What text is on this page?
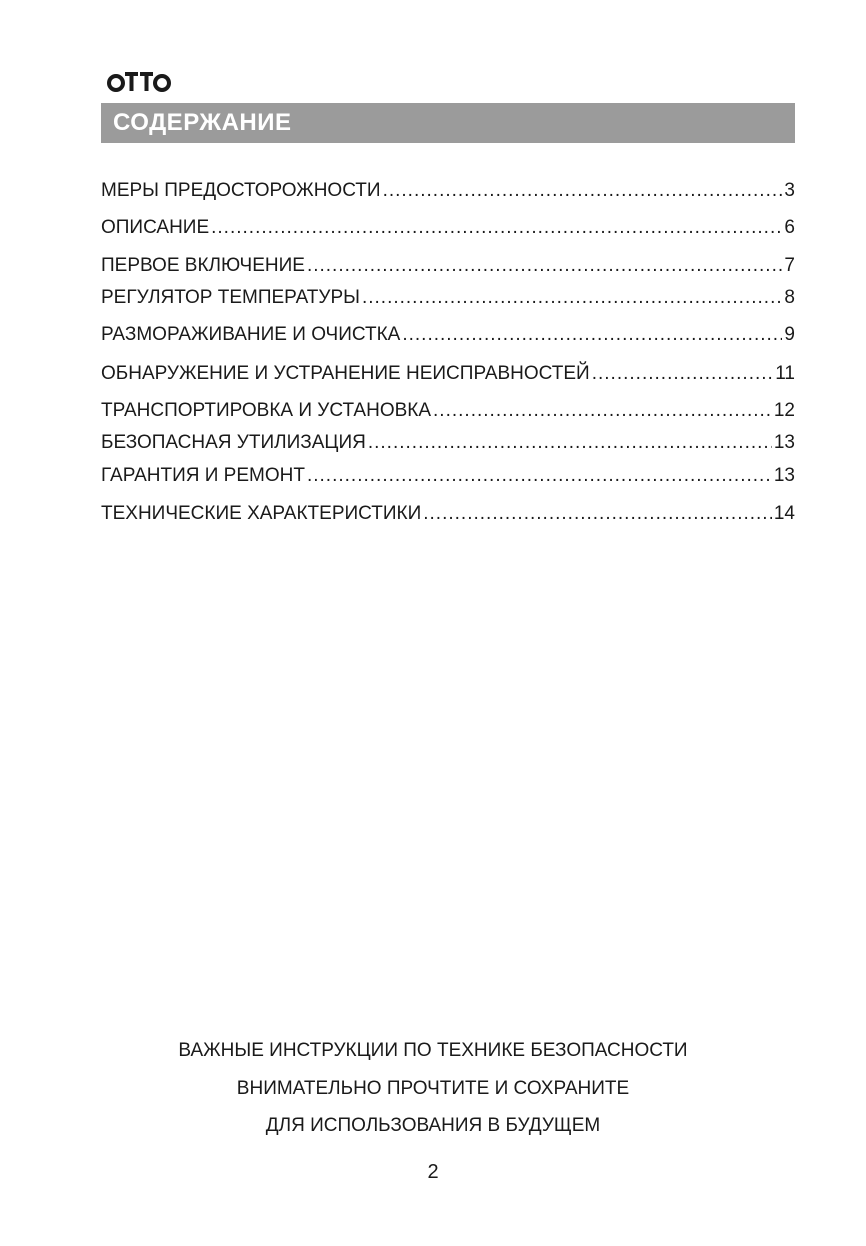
СОДЕРЖАНИЕ
МЕРЫ ПРЕДОСТОРОЖНОСТИ .....	3
ОПИСАНИЕ .....	6
ПЕРВОЕ ВКЛЮЧЕНИЕ .....	7
РЕГУЛЯТОР ТЕМПЕРАТУРЫ .....	8
РАЗМОРАЖИВАНИЕ И ОЧИСТКА .....	9
ОБНАРУЖЕНИЕ И УСТРАНЕНИЕ НЕИСПРАВНОСТЕЙ .....	11
ТРАНСПОРТИРОВКА И УСТАНОВКА .....	12
БЕЗОПАСНАЯ УТИЛИЗАЦИЯ .....	13
ГАРАНТИЯ И РЕМОНТ .....	13
ТЕХНИЧЕСКИЕ ХАРАКТЕРИСТИКИ .....	14
ВАЖНЫЕ ИНСТРУКЦИИ ПО ТЕХНИКЕ БЕЗОПАСНОСТИ
ВНИМАТЕЛЬНО ПРОЧТИТЕ И СОХРАНИТЕ
ДЛЯ ИСПОЛЬЗОВАНИЯ В БУДУЩЕМ
2
